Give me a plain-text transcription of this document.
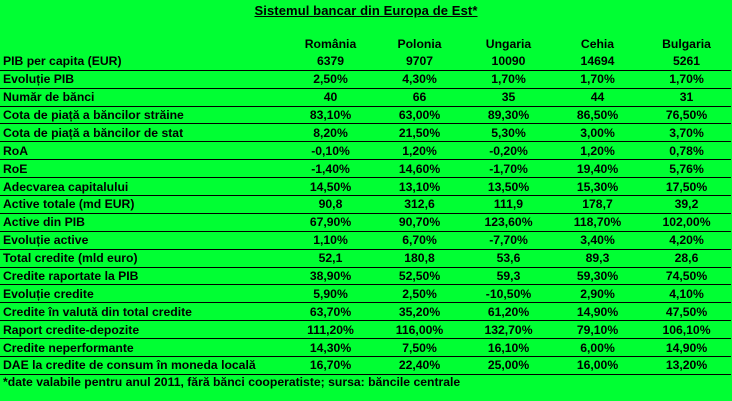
Sistemul bancar din Europa de Est*
	România	Polonia	Ungaria	Cehia	Bulgaria
PIB per capita (EUR)	6379	9707	10090	14694	5261
Evoluție PIB	2,50%	4,30%	1,70%	1,70%	1,70%
Număr de bănci	40	66	35	44	31
Cota de piață a băncilor străine	83,10%	63,00%	89,30%	86,50%	76,50%
Cota de piață a băncilor de stat	8,20%	21,50%	5,30%	3,00%	3,70%
RoA	-0,10%	1,20%	-0,20%	1,20%	0,78%
RoE	-1,40%	14,60%	-1,70%	19,40%	5,76%
Adecvarea capitalului	14,50%	13,10%	13,50%	15,30%	17,50%
Active totale (md EUR)	90,8	312,6	111,9	178,7	39,2
Active din PIB	67,90%	90,70%	123,60%	118,70%	102,00%
Evoluție active	1,10%	6,70%	-7,70%	3,40%	4,20%
Total credite (mld euro)	52,1	180,8	53,6	89,3	28,6
Credite raportate la PIB	38,90%	52,50%	59,3	59,30%	74,50%
Evoluție credite	5,90%	2,50%	-10,50%	2,90%	4,10%
Credite în valută din total credite	63,70%	35,20%	61,20%	14,90%	47,50%
Raport credite-depozite	111,20%	116,00%	132,70%	79,10%	106,10%
Credite neperformante	14,30%	7,50%	16,10%	6,00%	14,90%
DAE la credite de consum în moneda locală	16,70%	22,40%	25,00%	16,00%	13,20%
*date valabile pentru anul 2011, fără bănci cooperatiste; sursa: băncile centrale
